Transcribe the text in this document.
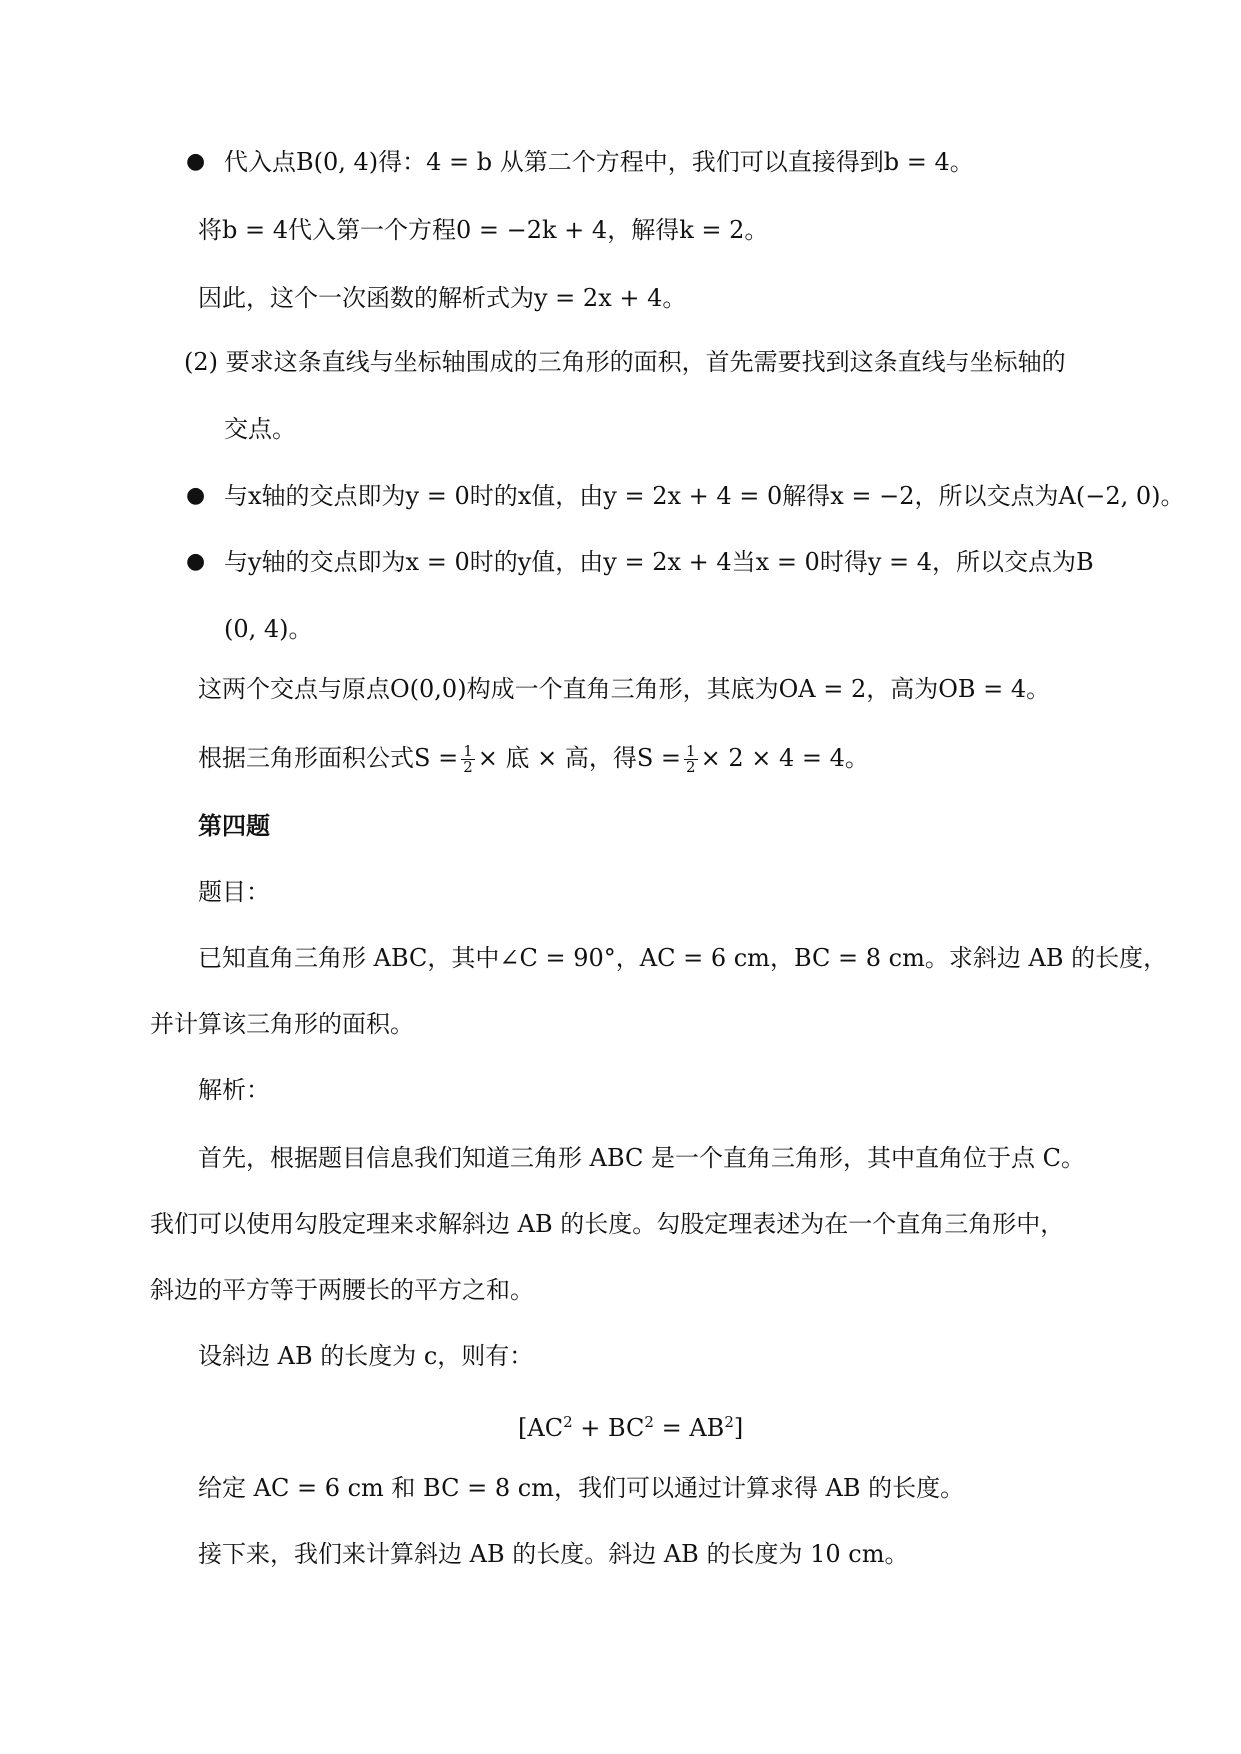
● 代入点B(0, 4)得：4 = b 从第二个方程中，我们可以直接得到b = 4。
将b = 4代入第一个方程0 = −2k + 4，解得k = 2。
因此，这个一次函数的解析式为y = 2x + 4。
(2) 要求这条直线与坐标轴围成的三角形的面积，首先需要找到这条直线与坐标轴的
交点。
● 与x轴的交点即为y = 0时的x值，由y = 2x + 4 = 0解得x = −2，所以交点为A(−2, 0)。
● 与y轴的交点即为x = 0时的y值，由y = 2x + 4当x = 0时得y = 4，所以交点为B
(0, 4)。
这两个交点与原点O(0,0)构成一个直角三角形，其底为OA = 2，高为OB = 4。
根据三角形面积公式$S = \frac{1}{2}$ × 底 × 高，得$S = \frac{1}{2} \times 2 \times 4 = 4$。
第四题
题目：
已知直角三角形 ABC，其中∠C = 90°，AC = 6 cm，BC = 8 cm。求斜边 AB 的长度，
并计算该三角形的面积。
解析：
首先，根据题目信息我们知道三角形 ABC 是一个直角三角形，其中直角位于点 C。
我们可以使用勾股定理来求解斜边 AB 的长度。勾股定理表述为在一个直角三角形中，
斜边的平方等于两腰长的平方之和。
设斜边 AB 的长度为 c，则有：
$[AC^2 + BC^2 = AB^2]$
给定 AC = 6 cm 和 BC = 8 cm，我们可以通过计算求得 AB 的长度。
接下来，我们来计算斜边 AB 的长度。斜边 AB 的长度为 10 cm。
